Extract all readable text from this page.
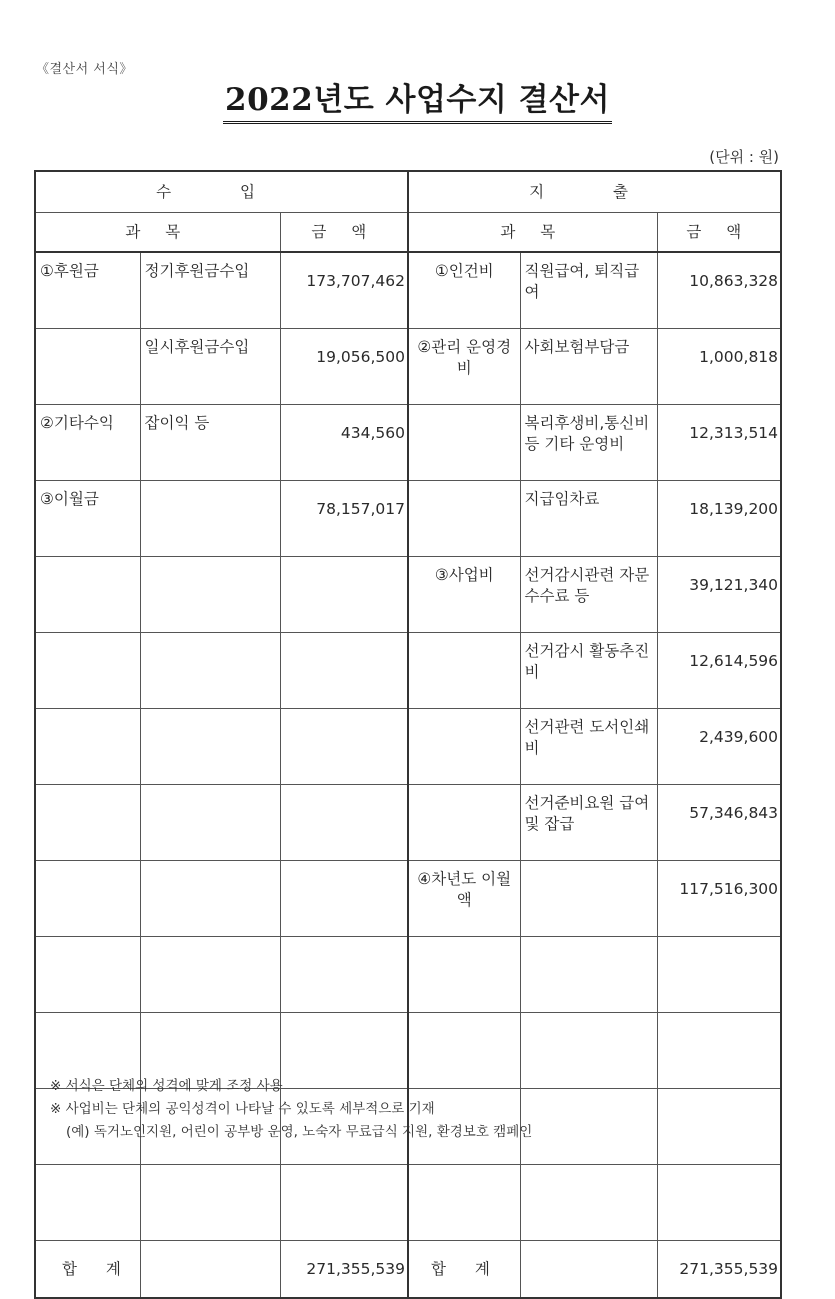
《결산서 서식》
2022년도 사업수지 결산서
(단위 : 원)
수 입			지 출		
과 목		금 액	과 목		금 액
①후원금	정기후원금수입	173,707,462	①인건비	직원급여, 퇴직급여	10,863,328
	일시후원금수입	19,056,500	②관리 운영경비	사회보험부담금	1,000,818
②기타수익	잡이익 등	434,560		복리후생비,통신비 등 기타 운영비	12,313,514
③이월금		78,157,017		지급임차료	18,139,200
			③사업비	선거감시관련 자문수수료 등	39,121,340
				선거감시 활동추진비	12,614,596
				선거관련 도서인쇄비	2,439,600
				선거준비요원 급여 및 잡급	57,346,843
			④차년도 이월액		117,516,300

합 계		271,355,539	합 계		271,355,539
※ 서식은 단체의 성격에 맞게 조정 사용
※ 사업비는 단체의 공익성격이 나타날 수 있도록 세부적으로 기재
(예) 독거노인지원, 어린이 공부방 운영, 노숙자 무료급식 지원, 환경보호 캠페인
